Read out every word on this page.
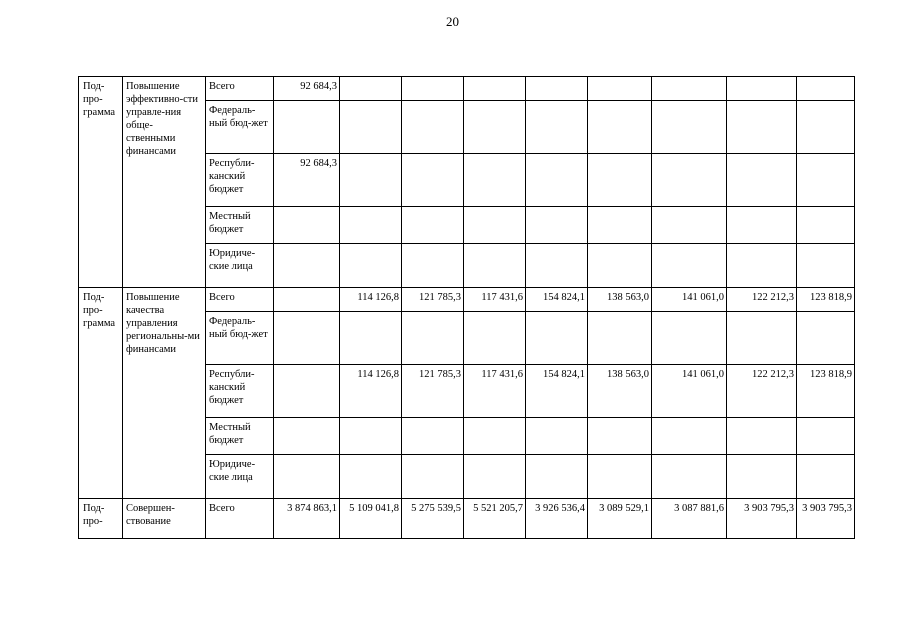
20
Под-про-грамма	Повышение эффективно-сти управле-ния обще-ственными финансами	Всего	92 684,3								
		Федераль-ный бюд-жет									
		Республи-канский бюджет	92 684,3								
		Местный бюджет									
		Юридиче-ские лица									
Под-про-грамма	Повышение качества управления региональны-ми финансами	Всего		114 126,8	121 785,3	117 431,6	154 824,1	138 563,0	141 061,0	122 212,3	123 818,9
		Федераль-ный бюд-жет									
		Республи-канский бюджет		114 126,8	121 785,3	117 431,6	154 824,1	138 563,0	141 061,0	122 212,3	123 818,9
		Местный бюджет									
		Юридиче-ские лица									
Под-про-	Совершен-ствование	Всего	3 874 863,1	5 109 041,8	5 275 539,5	5 521 205,7	3 926 536,4	3 089 529,1	3 087 881,6	3 903 795,3	3 903 795,3
